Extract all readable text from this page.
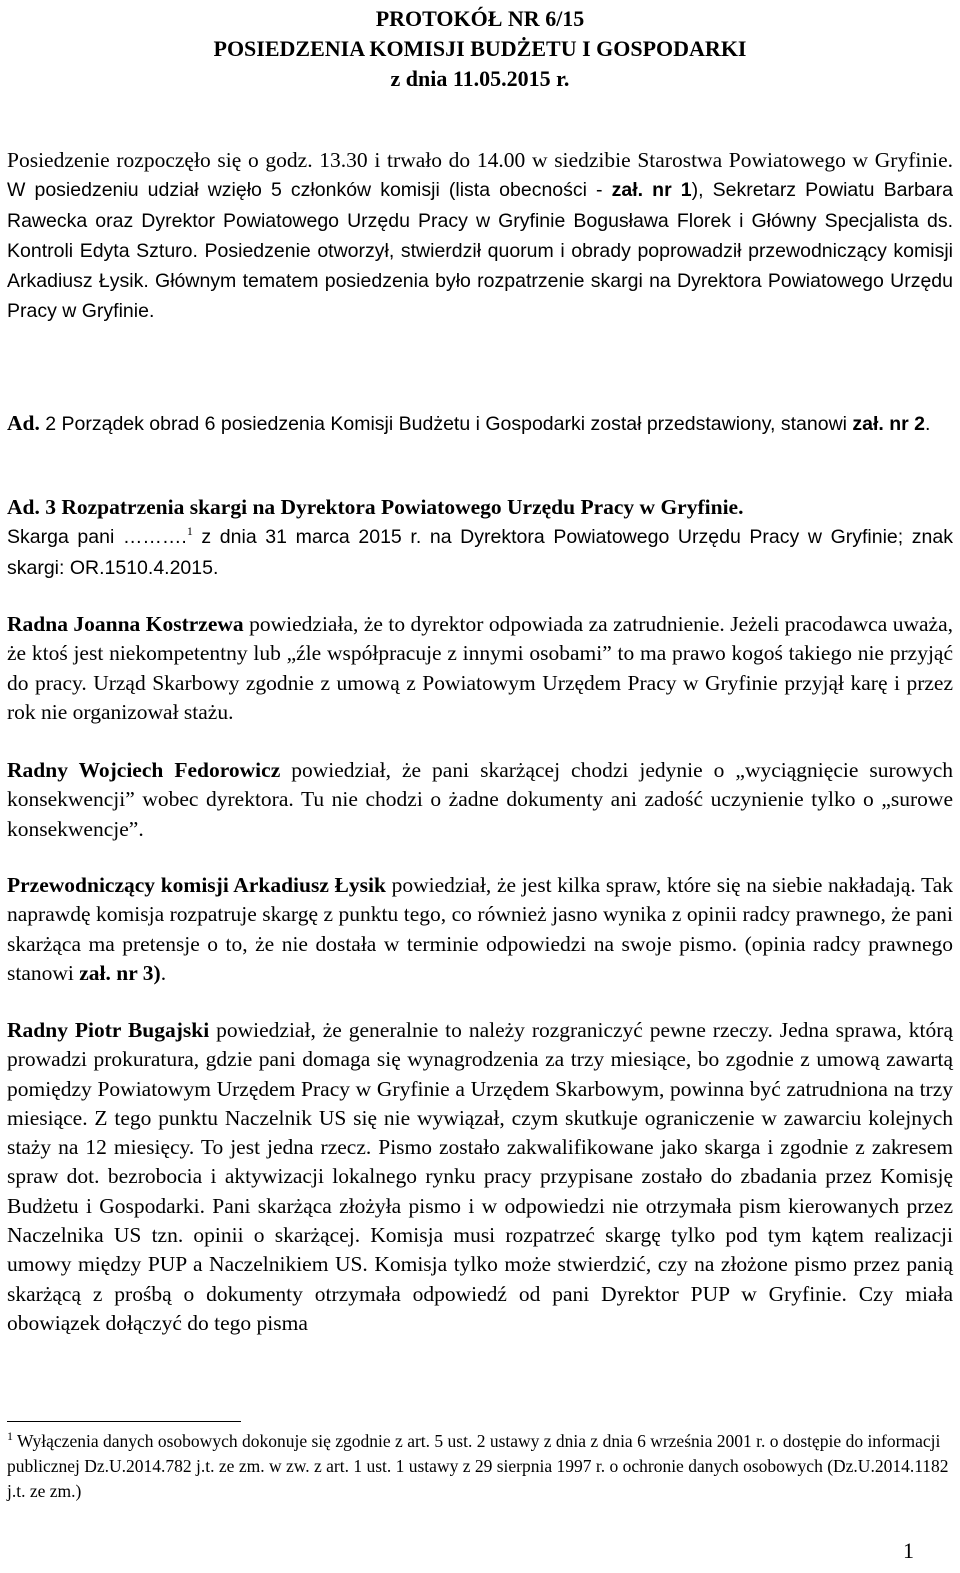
PROTOKÓŁ NR 6/15

POSIEDZENIA KOMISJI BUDŻETU I GOSPODARKI

z dnia 11.05.2015 r.

Posiedzenie rozpoczęło się o godz. 13.30 i trwało do 14.00 w siedzibie Starostwa Powiatowego w Gryfinie. W posiedzeniu udział wzięło 5 członków komisji (lista obecności - zał. nr 1), Sekretarz Powiatu Barbara Rawecka oraz Dyrektor Powiatowego Urzędu Pracy w Gryfinie Bogusława Florek i Główny Specjalista ds. Kontroli Edyta Szturo. Posiedzenie otworzył, stwierdził quorum i obrady poprowadził przewodniczący komisji Arkadiusz Łysik. Głównym tematem posiedzenia było rozpatrzenie skargi na Dyrektora Powiatowego Urzędu Pracy w Gryfinie.

Ad. 2 Porządek obrad 6 posiedzenia Komisji Budżetu i Gospodarki został przedstawiony, stanowi zał. nr 2.

Ad. 3 Rozpatrzenia skargi na Dyrektora Powiatowego Urzędu Pracy w Gryfinie.
Skarga pani ……….$^1$ z dnia 31 marca 2015 r. na Dyrektora Powiatowego Urzędu Pracy w Gryfinie; znak skargi: OR.1510.4.2015.

Radna Joanna Kostrzewa powiedziała, że to dyrektor odpowiada za zatrudnienie. Jeżeli pracodawca uważa, że ktoś jest niekompetentny lub „źle współpracuje z innymi osobami” to ma prawo kogoś takiego nie przyjąć do pracy. Urząd Skarbowy zgodnie z umową z Powiatowym Urzędem Pracy w Gryfinie przyjął karę i przez rok nie organizował stażu.

Radny Wojciech Fedorowicz powiedział, że pani skarżącej chodzi jedynie o „wyciągnięcie surowych konsekwencji” wobec dyrektora. Tu nie chodzi o żadne dokumenty ani zadość uczynienie tylko o „surowe konsekwencje”.

Przewodniczący komisji Arkadiusz Łysik powiedział, że jest kilka spraw, które się na siebie nakładają. Tak naprawdę komisja rozpatruje skargę z punktu tego, co również jasno wynika z opinii radcy prawnego, że pani skarżąca ma pretensje o to, że nie dostała w terminie odpowiedzi na swoje pismo. (opinia radcy prawnego stanowi zał. nr 3).

Radny Piotr Bugajski powiedział, że generalnie to należy rozgraniczyć pewne rzeczy. Jedna sprawa, którą prowadzi prokuratura, gdzie pani domaga się wynagrodzenia za trzy miesiące, bo zgodnie z umową zawartą pomiędzy Powiatowym Urzędem Pracy w Gryfinie a Urzędem Skarbowym, powinna być zatrudniona na trzy miesiące. Z tego punktu Naczelnik US się nie wywiązał, czym skutkuje ograniczenie w zawarciu kolejnych staży na 12 miesięcy. To jest jedna rzecz. Pismo zostało zakwalifikowane jako skarga i zgodnie z zakresem spraw dot. bezrobocia i aktywizacji lokalnego rynku pracy przypisane zostało do zbadania przez Komisję Budżetu i Gospodarki. Pani skarżąca złożyła pismo i w odpowiedzi nie otrzymała pism kierowanych przez Naczelnika US tzn. opinii o skarżącej. Komisja musi rozpatrzeć skargę tylko pod tym kątem realizacji umowy między PUP a Naczelnikiem US. Komisja tylko może stwierdzić, czy na złożone pismo przez panią skarżącą z prośbą o dokumenty otrzymała odpowiedź od pani Dyrektor PUP w Gryfinie. Czy miała obowiązek dołączyć do tego pisma

$^1$ Wyłączenia danych osobowych dokonuje się zgodnie z art. 5 ust. 2 ustawy z dnia z dnia 6 września 2001 r. o dostępie do informacji publicznej Dz.U.2014.782 j.t. ze zm. w zw. z art. 1 ust. 1 ustawy z 29 sierpnia 1997 r. o ochronie danych osobowych (Dz.U.2014.1182 j.t. ze zm.)

1
